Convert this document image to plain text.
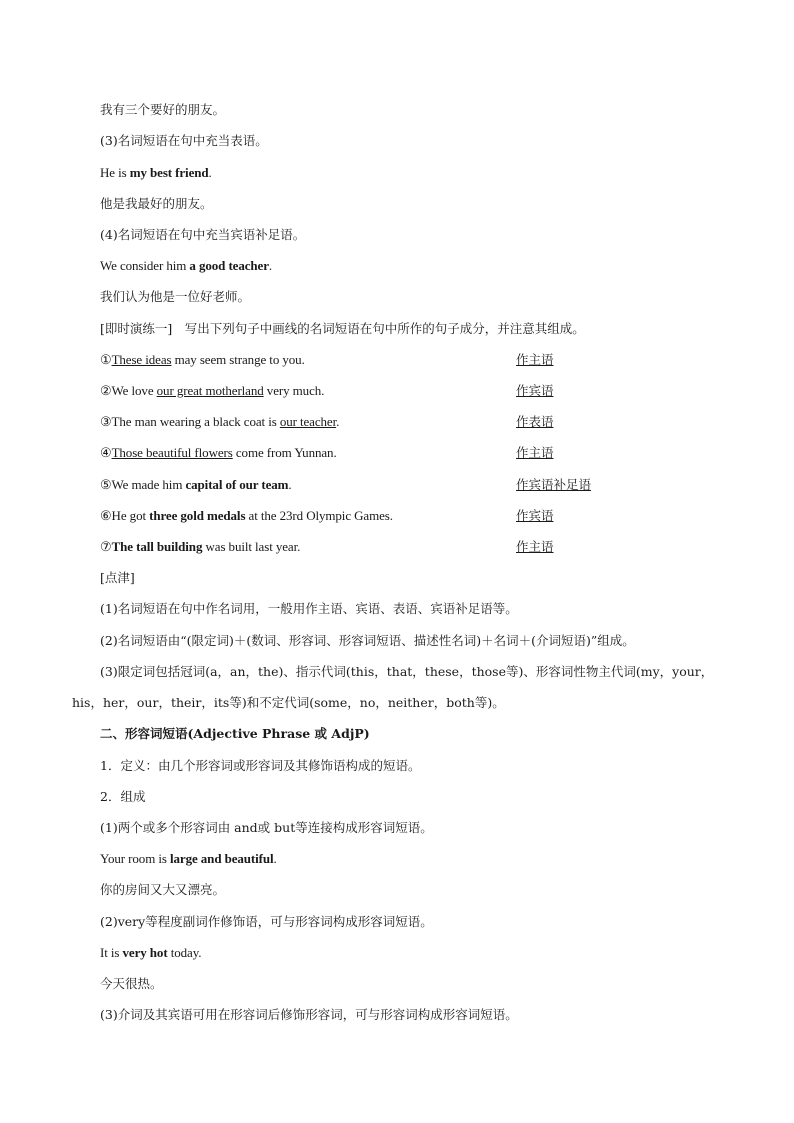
我有三个要好的朋友。
(3)名词短语在句中充当表语。
He is my best friend.
他是我最好的朋友。
(4)名词短语在句中充当宾语补足语。
We consider him a good teacher.
我们认为他是一位好老师。
[即时演练一]　写出下列句子中画线的名词短语在句中所作的句子成分，并注意其组成。
①These ideas may seem strange to you.	作主语
②We love our great motherland very much.	作宾语
③The man wearing a black coat is our teacher.	作表语
④Those beautiful flowers come from Yunnan.	作主语
⑤We made him capital of our team.	作宾语补足语
⑥He got three gold medals at the 23rd Olympic Games.	作宾语
⑦The tall building was built last year.	作主语
[点津]
(1)名词短语在句中作名词用，一般用作主语、宾语、表语、宾语补足语等。
(2)名词短语由“(限定词)＋(数词、形容词、形容词短语、描述性名词)＋名词＋(介词短语)”组成。
(3)限定词包括冠词(a，an，the)、指示代词(this，that，these，those等)、形容词性物主代词(my，your，
his，her，our，their，its等)和不定代词(some，no，neither，both等)。
二、形容词短语(Adjective Phrase 或 AdjP)
1．定义：由几个形容词或形容词及其修饰语构成的短语。
2．组成
(1)两个或多个形容词由 and或 but等连接构成形容词短语。
Your room is large and beautiful.
你的房间又大又漂亮。
(2)very等程度副词作修饰语，可与形容词构成形容词短语。
It is very hot today.
今天很热。
(3)介词及其宾语可用在形容词后修饰形容词，可与形容词构成形容词短语。
